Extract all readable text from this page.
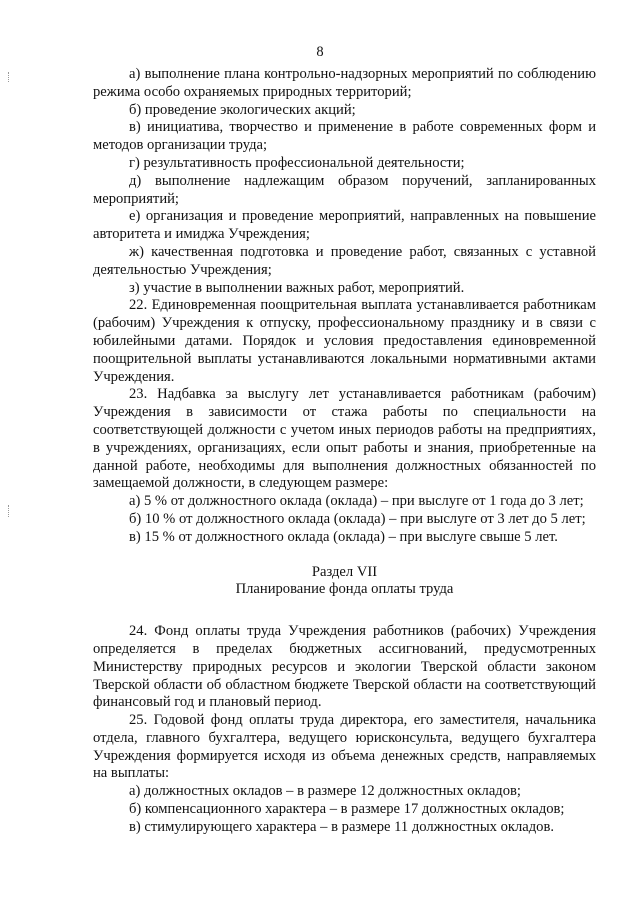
8

а) выполнение плана контрольно-надзорных мероприятий по соблюдению режима особо охраняемых природных территорий;

б) проведение экологических акций;

в) инициатива, творчество и применение в работе современных форм и методов организации труда;

г) результативность профессиональной деятельности;

д) выполнение надлежащим образом поручений, запланированных мероприятий;

е) организация и проведение мероприятий, направленных на повышение авторитета и имиджа Учреждения;

ж) качественная подготовка и проведение работ, связанных с уставной деятельностью Учреждения;

з) участие в выполнении важных работ, мероприятий.

22. Единовременная поощрительная выплата устанавливается работникам (рабочим) Учреждения к отпуску, профессиональному празднику и в связи с юбилейными датами. Порядок и условия предоставления единовременной поощрительной выплаты устанавливаются локальными нормативными актами Учреждения.

23. Надбавка за выслугу лет устанавливается работникам (рабочим) Учреждения в зависимости от стажа работы по специальности на соответствующей должности с учетом иных периодов работы на предприятиях, в учреждениях, организациях, если опыт работы и знания, приобретенные на данной работе, необходимы для выполнения должностных обязанностей по замещаемой должности, в следующем размере:

а) 5 % от должностного оклада (оклада) – при выслуге от 1 года до 3 лет;

б) 10 % от должностного оклада (оклада) – при выслуге от 3 лет до 5 лет;

в) 15 % от должностного оклада (оклада) – при выслуге свыше 5 лет.

Раздел VII

Планирование фонда оплаты труда

24. Фонд оплаты труда Учреждения работников (рабочих) Учреждения определяется в пределах бюджетных ассигнований, предусмотренных Министерству природных ресурсов и экологии Тверской области законом Тверской области об областном бюджете Тверской области на соответствующий финансовый год и плановый период.

25. Годовой фонд оплаты труда директора, его заместителя, начальника отдела, главного бухгалтера, ведущего юрисконсульта, ведущего бухгалтера Учреждения формируется исходя из объема денежных средств, направляемых на выплаты:

а) должностных окладов – в размере 12 должностных окладов;

б) компенсационного характера – в размере 17 должностных окладов;

в) стимулирующего характера – в размере 11 должностных окладов.
